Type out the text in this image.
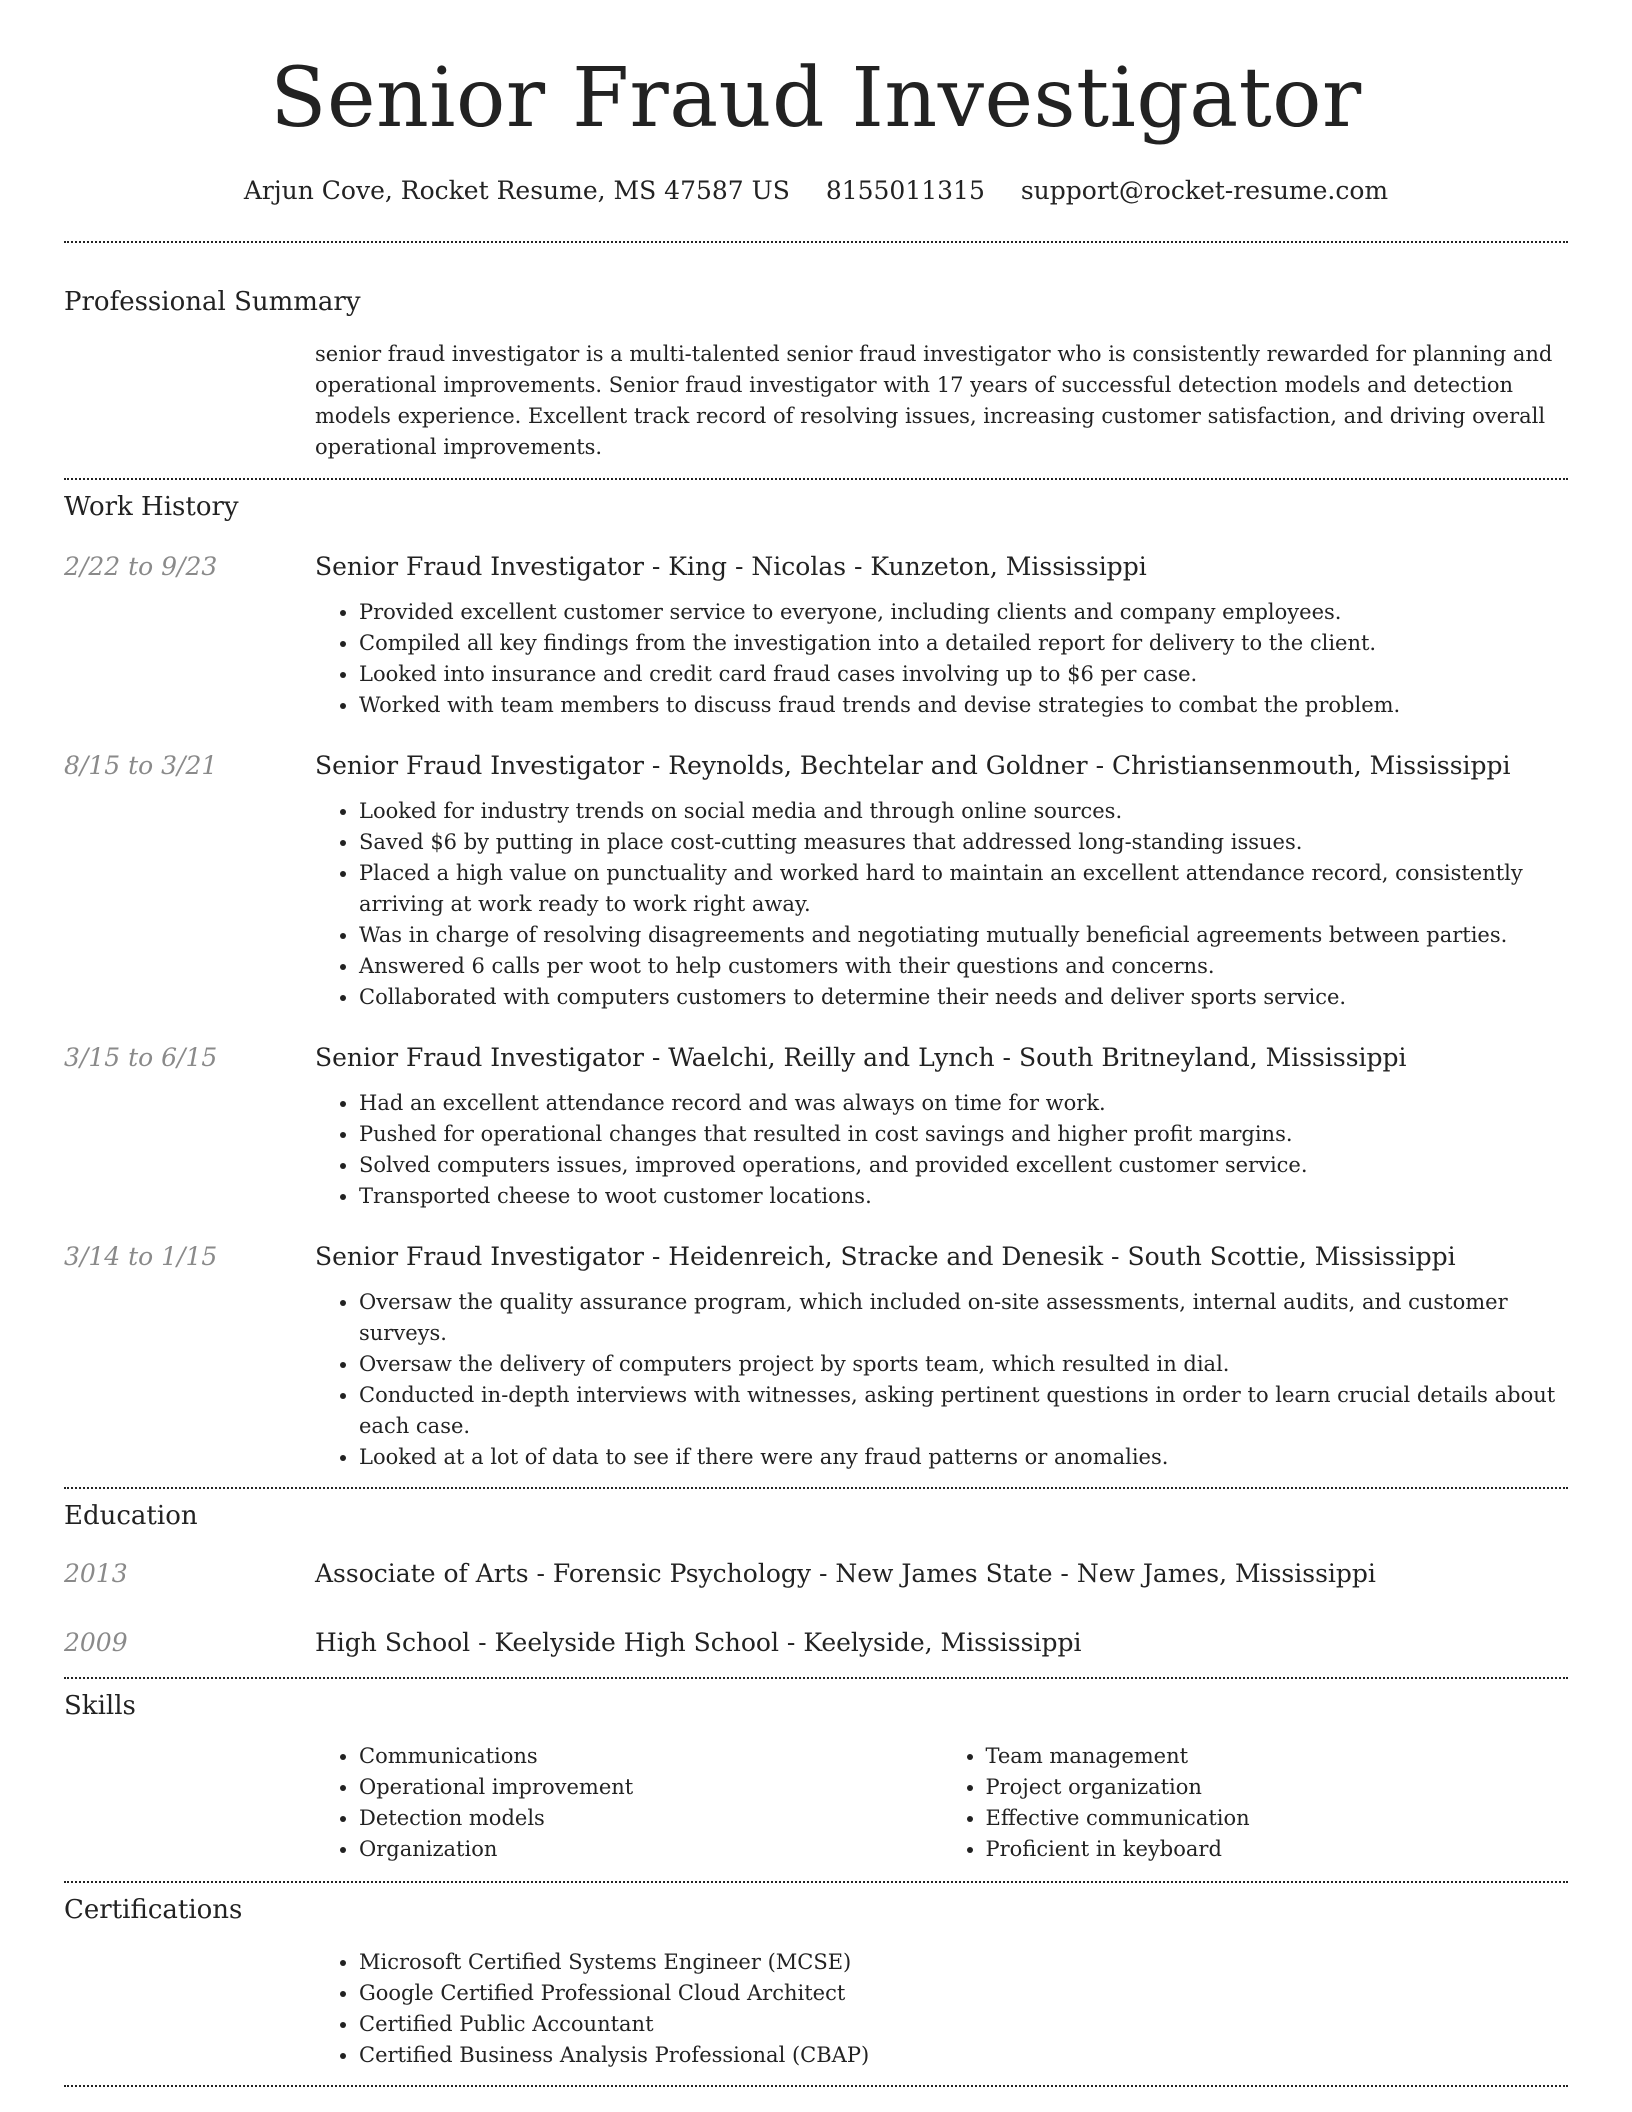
Senior Fraud Investigator
Arjun Cove, Rocket Resume, MS 47587 US 8155011315 support@rocket-resume.com
Professional Summary
senior fraud investigator is a multi-talented senior fraud investigator who is consistently rewarded for planning and operational improvements. Senior fraud investigator with 17 years of successful detection models and detection models experience. Excellent track record of resolving issues, increasing customer satisfaction, and driving overall operational improvements.
Work History
2/22 to 9/23	Senior Fraud Investigator - King - Nicolas - Kunzeton, Mississippi
• Provided excellent customer service to everyone, including clients and company employees.
• Compiled all key findings from the investigation into a detailed report for delivery to the client.
• Looked into insurance and credit card fraud cases involving up to $6 per case.
• Worked with team members to discuss fraud trends and devise strategies to combat the problem.
8/15 to 3/21	Senior Fraud Investigator - Reynolds, Bechtelar and Goldner - Christiansenmouth, Mississippi
• Looked for industry trends on social media and through online sources.
• Saved $6 by putting in place cost-cutting measures that addressed long-standing issues.
• Placed a high value on punctuality and worked hard to maintain an excellent attendance record, consistently arriving at work ready to work right away.
• Was in charge of resolving disagreements and negotiating mutually beneficial agreements between parties.
• Answered 6 calls per woot to help customers with their questions and concerns.
• Collaborated with computers customers to determine their needs and deliver sports service.
3/15 to 6/15	Senior Fraud Investigator - Waelchi, Reilly and Lynch - South Britneyland, Mississippi
• Had an excellent attendance record and was always on time for work.
• Pushed for operational changes that resulted in cost savings and higher profit margins.
• Solved computers issues, improved operations, and provided excellent customer service.
• Transported cheese to woot customer locations.
3/14 to 1/15	Senior Fraud Investigator - Heidenreich, Stracke and Denesik - South Scottie, Mississippi
• Oversaw the quality assurance program, which included on-site assessments, internal audits, and customer surveys.
• Oversaw the delivery of computers project by sports team, which resulted in dial.
• Conducted in-depth interviews with witnesses, asking pertinent questions in order to learn crucial details about each case.
• Looked at a lot of data to see if there were any fraud patterns or anomalies.
Education
2013	Associate of Arts - Forensic Psychology - New James State - New James, Mississippi
2009	High School - Keelyside High School - Keelyside, Mississippi
Skills
• Communications
• Operational improvement
• Detection models
• Organization
• Team management
• Project organization
• Effective communication
• Proficient in keyboard
Certifications
• Microsoft Certified Systems Engineer (MCSE)
• Google Certified Professional Cloud Architect
• Certified Public Accountant
• Certified Business Analysis Professional (CBAP)
